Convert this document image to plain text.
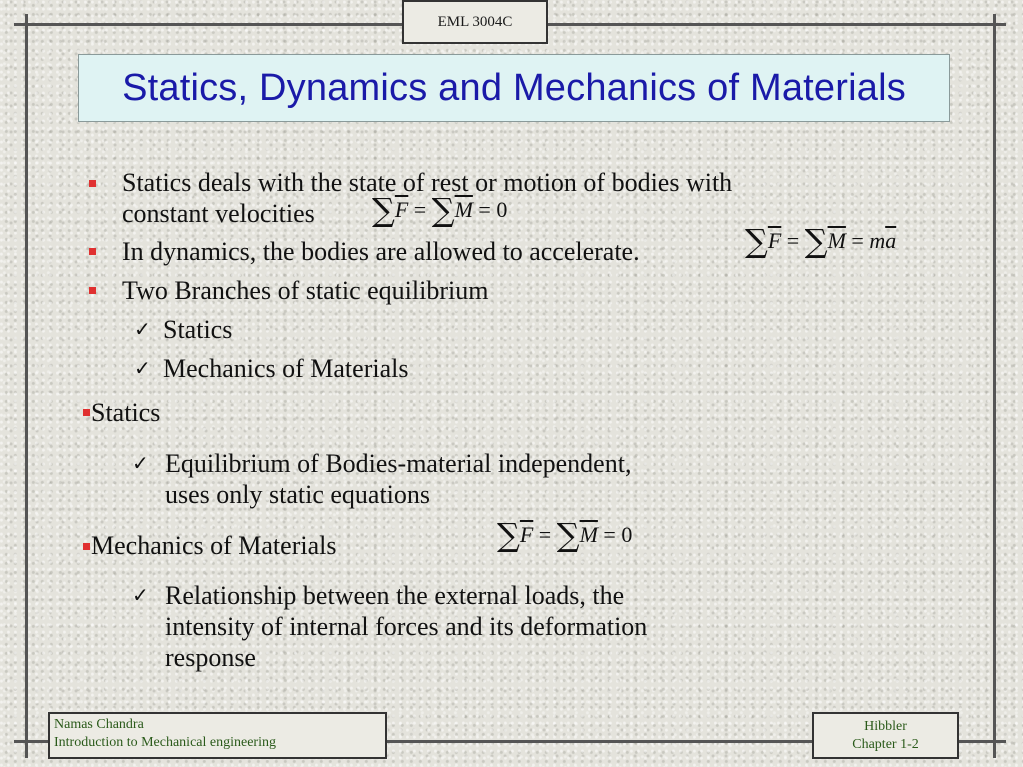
EML 3004C
Statics, Dynamics and Mechanics of Materials
Statics deals with the state of rest or motion of bodies with
constant velocities $\sum\overline{F} = \sum\overline{M} = 0$
In dynamics, the bodies are allowed to accelerate.	$\sum\overline{F} = \sum\overline{M} = m\overline{a}$
Two Branches of static equilibrium
✓ Statics
✓ Mechanics of Materials
Statics
✓ Equilibrium of Bodies-material independent,
uses only static equations
Mechanics of Materials	$\sum\overline{F} = \sum\overline{M} = 0$
✓ Relationship between the external loads, the
intensity of internal forces and its deformation
response
Namas Chandra
Introduction to Mechanical engineering
Hibbler
Chapter 1-2
